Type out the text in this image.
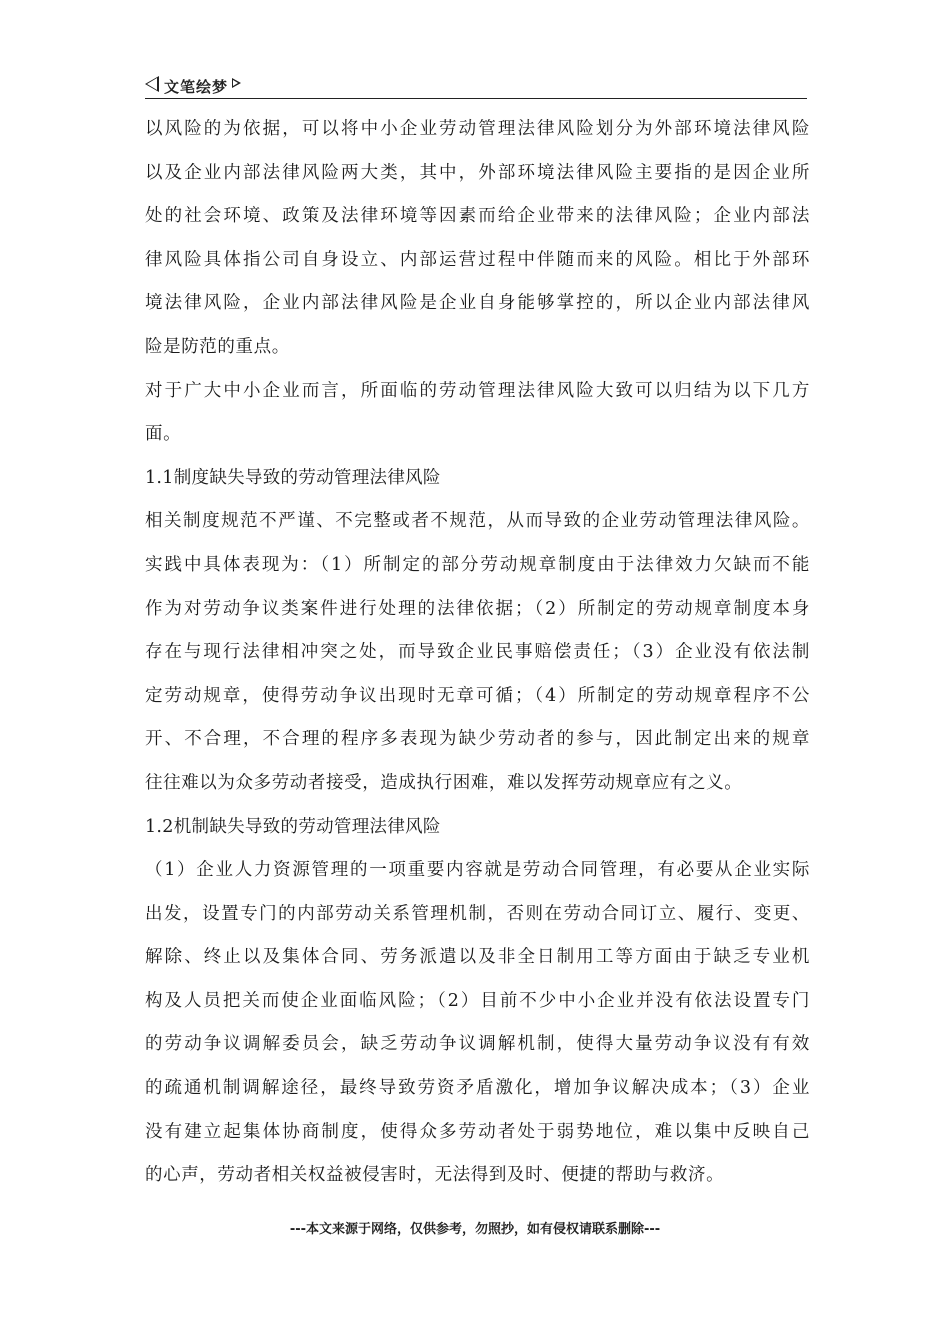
文笔绘梦
以风险的为依据，可以将中小企业劳动管理法律风险划分为外部环境法律风险
以及企业内部法律风险两大类，其中，外部环境法律风险主要指的是因企业所
处的社会环境、政策及法律环境等因素而给企业带来的法律风险；企业内部法
律风险具体指公司自身设立、内部运营过程中伴随而来的风险。相比于外部环
境法律风险，企业内部法律风险是企业自身能够掌控的，所以企业内部法律风
险是防范的重点。
对于广大中小企业而言，所面临的劳动管理法律风险大致可以归结为以下几方
面。
1.1制度缺失导致的劳动管理法律风险
相关制度规范不严谨、不完整或者不规范，从而导致的企业劳动管理法律风险。
实践中具体表现为：（1）所制定的部分劳动规章制度由于法律效力欠缺而不能
作为对劳动争议类案件进行处理的法律依据；（2）所制定的劳动规章制度本身
存在与现行法律相冲突之处，而导致企业民事赔偿责任；（3）企业没有依法制
定劳动规章，使得劳动争议出现时无章可循；（4）所制定的劳动规章程序不公
开、不合理，不合理的程序多表现为缺少劳动者的参与，因此制定出来的规章
往往难以为众多劳动者接受，造成执行困难，难以发挥劳动规章应有之义。
1.2机制缺失导致的劳动管理法律风险
（1）企业人力资源管理的一项重要内容就是劳动合同管理，有必要从企业实际
出发，设置专门的内部劳动关系管理机制，否则在劳动合同订立、履行、变更、
解除、终止以及集体合同、劳务派遣以及非全日制用工等方面由于缺乏专业机
构及人员把关而使企业面临风险；（2）目前不少中小企业并没有依法设置专门
的劳动争议调解委员会，缺乏劳动争议调解机制，使得大量劳动争议没有有效
的疏通机制调解途径，最终导致劳资矛盾激化，增加争议解决成本；（3）企业
没有建立起集体协商制度，使得众多劳动者处于弱势地位，难以集中反映自己
的心声，劳动者相关权益被侵害时，无法得到及时、便捷的帮助与救济。
---本文来源于网络，仅供参考，勿照抄，如有侵权请联系删除---
